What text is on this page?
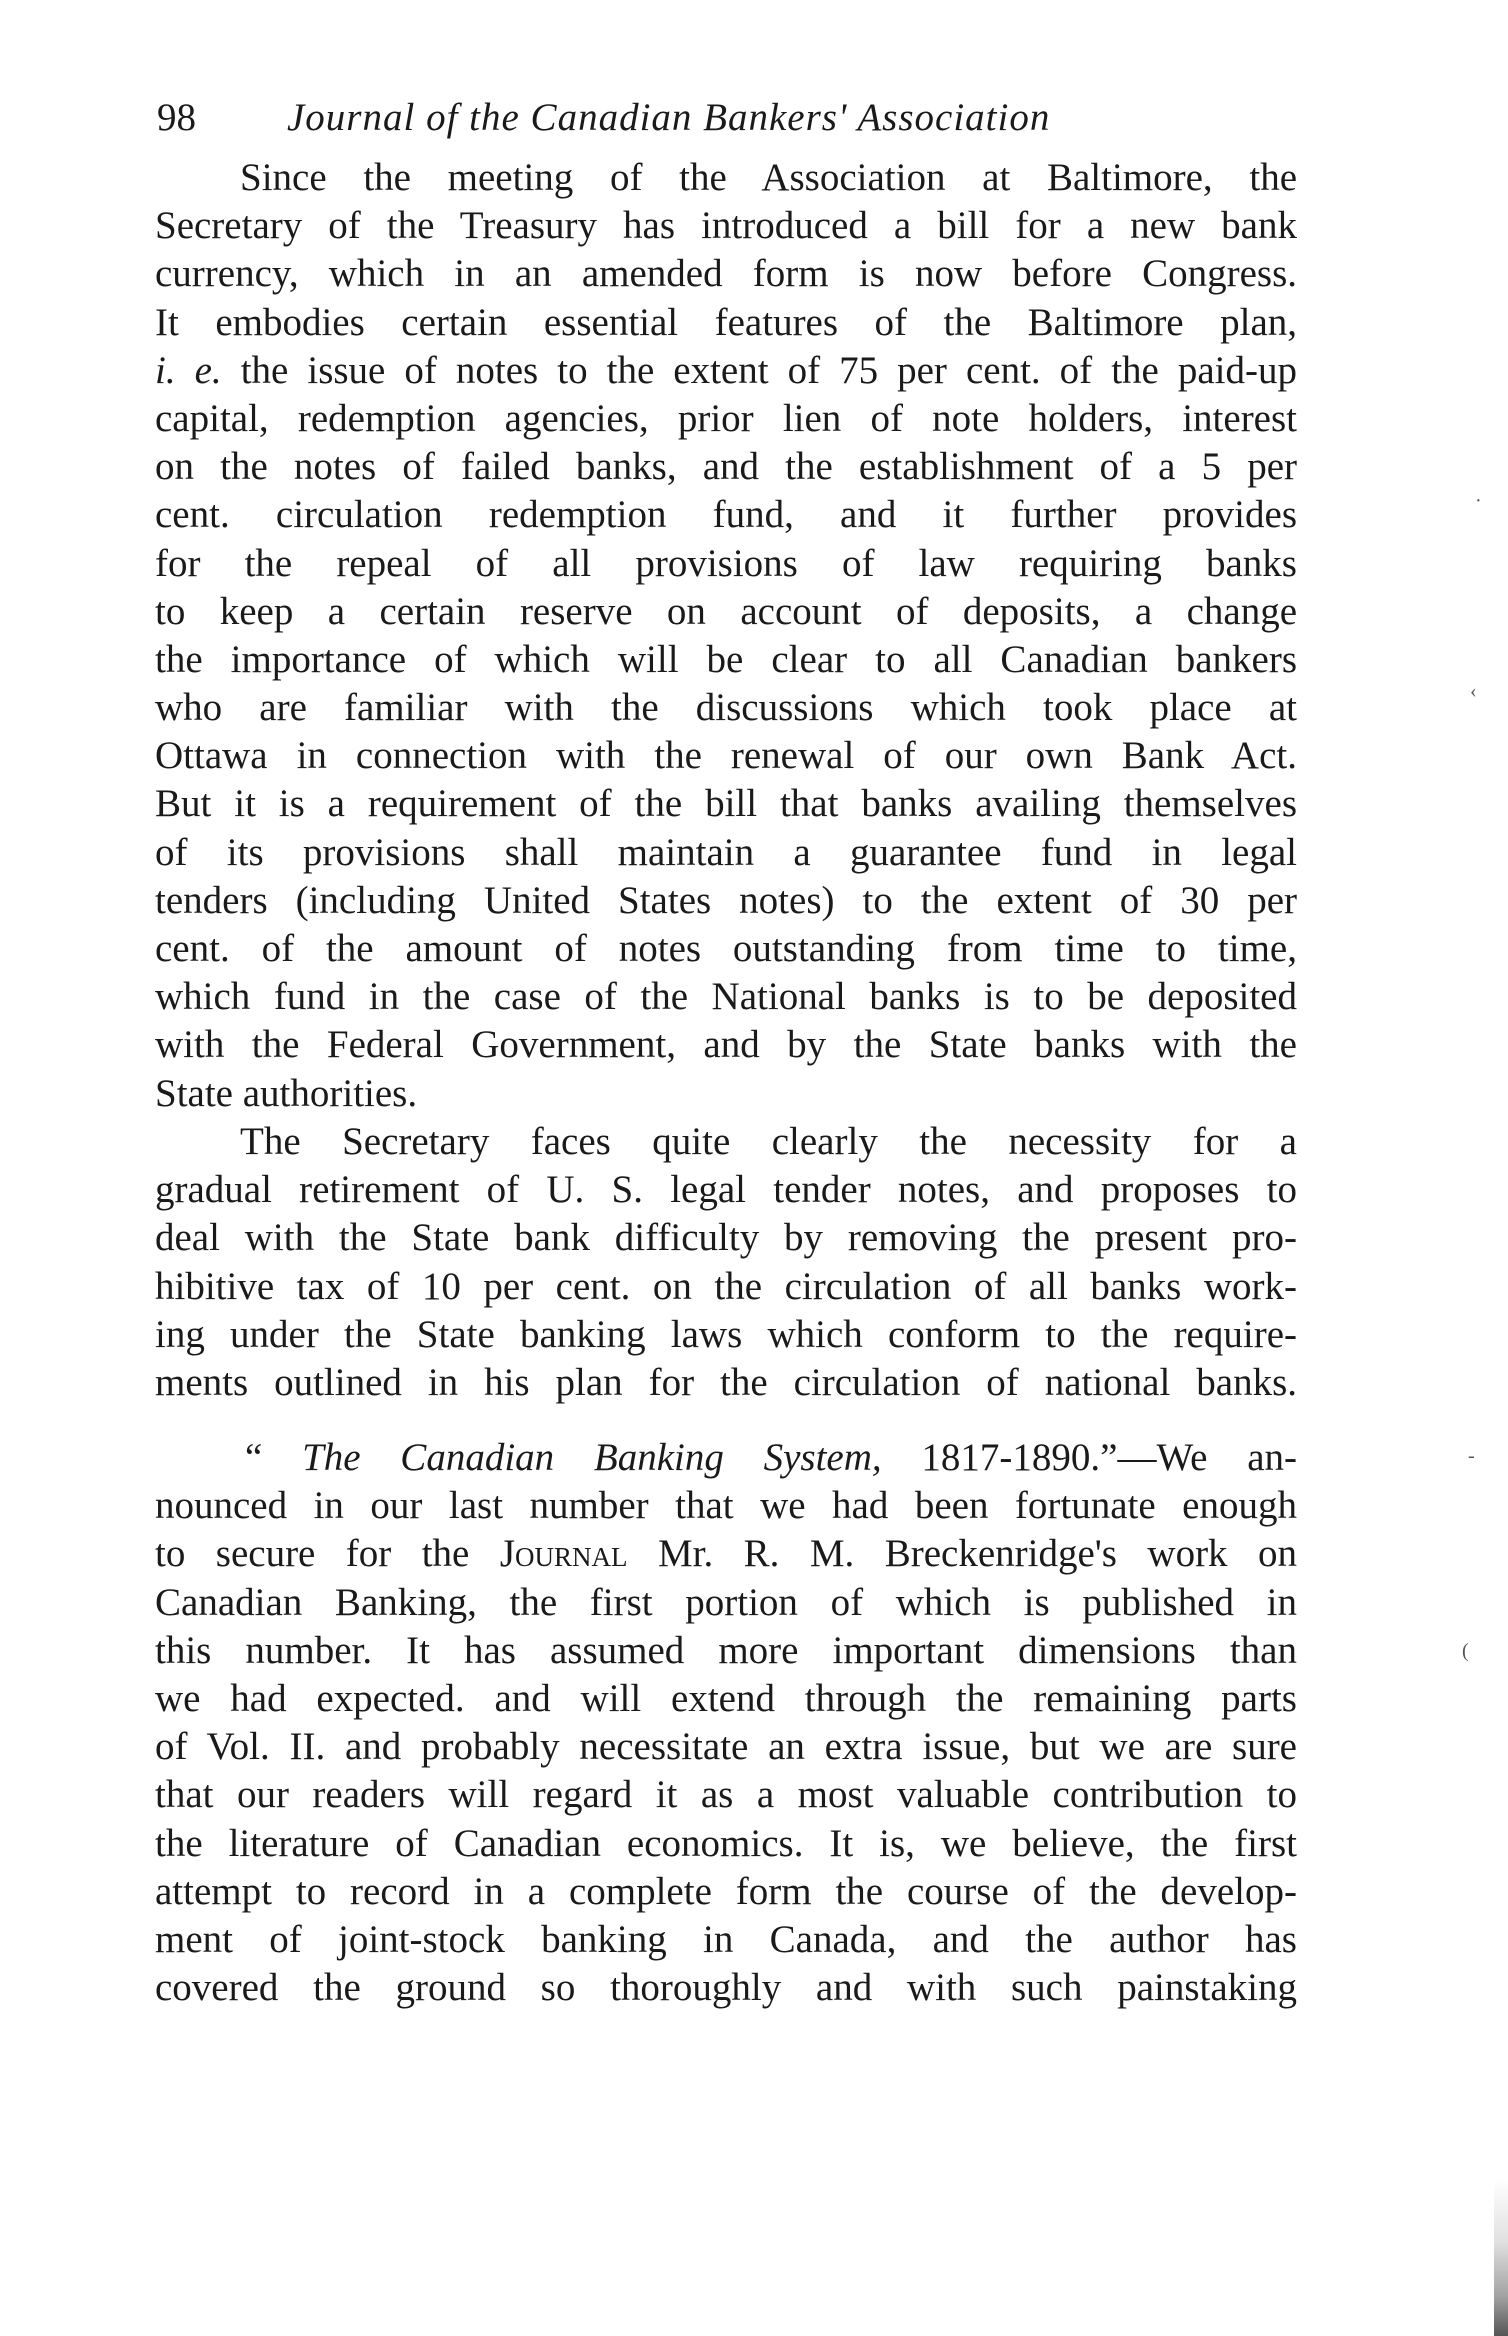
98 Journal of the Canadian Bankers' Association
Since the meeting of the Association at Baltimore, the
Secretary of the Treasury has introduced a bill for a new bank
currency, which in an amended form is now before Congress.
It embodies certain essential features of the Baltimore plan,
i. e. the issue of notes to the extent of 75 per cent. of the paid-up
capital, redemption agencies, prior lien of note holders, interest
on the notes of failed banks, and the establishment of a 5 per
cent. circulation redemption fund, and it further provides
for the repeal of all provisions of law requiring banks
to keep a certain reserve on account of deposits, a change
the importance of which will be clear to all Canadian bankers
who are familiar with the discussions which took place at
Ottawa in connection with the renewal of our own Bank Act.
But it is a requirement of the bill that banks availing themselves
of its provisions shall maintain a guarantee fund in legal
tenders (including United States notes) to the extent of 30 per
cent. of the amount of notes outstanding from time to time,
which fund in the case of the National banks is to be deposited
with the Federal Government, and by the State banks with the
State authorities.
The Secretary faces quite clearly the necessity for a
gradual retirement of U. S. legal tender notes, and proposes to
deal with the State bank difficulty by removing the present pro-
hibitive tax of 10 per cent. on the circulation of all banks work-
ing under the State banking laws which conform to the require-
ments outlined in his plan for the circulation of national banks.
“ The Canadian Banking System, 1817-1890.”—We an-
nounced in our last number that we had been fortunate enough
to secure for the Journal Mr. R. M. Breckenridge's work on
Canadian Banking, the first portion of which is published in
this number. It has assumed more important dimensions than
we had expected. and will extend through the remaining parts
of Vol. II. and probably necessitate an extra issue, but we are sure
that our readers will regard it as a most valuable contribution to
the literature of Canadian economics. It is, we believe, the first
attempt to record in a complete form the course of the develop-
ment of joint-stock banking in Canada, and the author has
covered the ground so thoroughly and with such painstaking
·
‹
-
(
